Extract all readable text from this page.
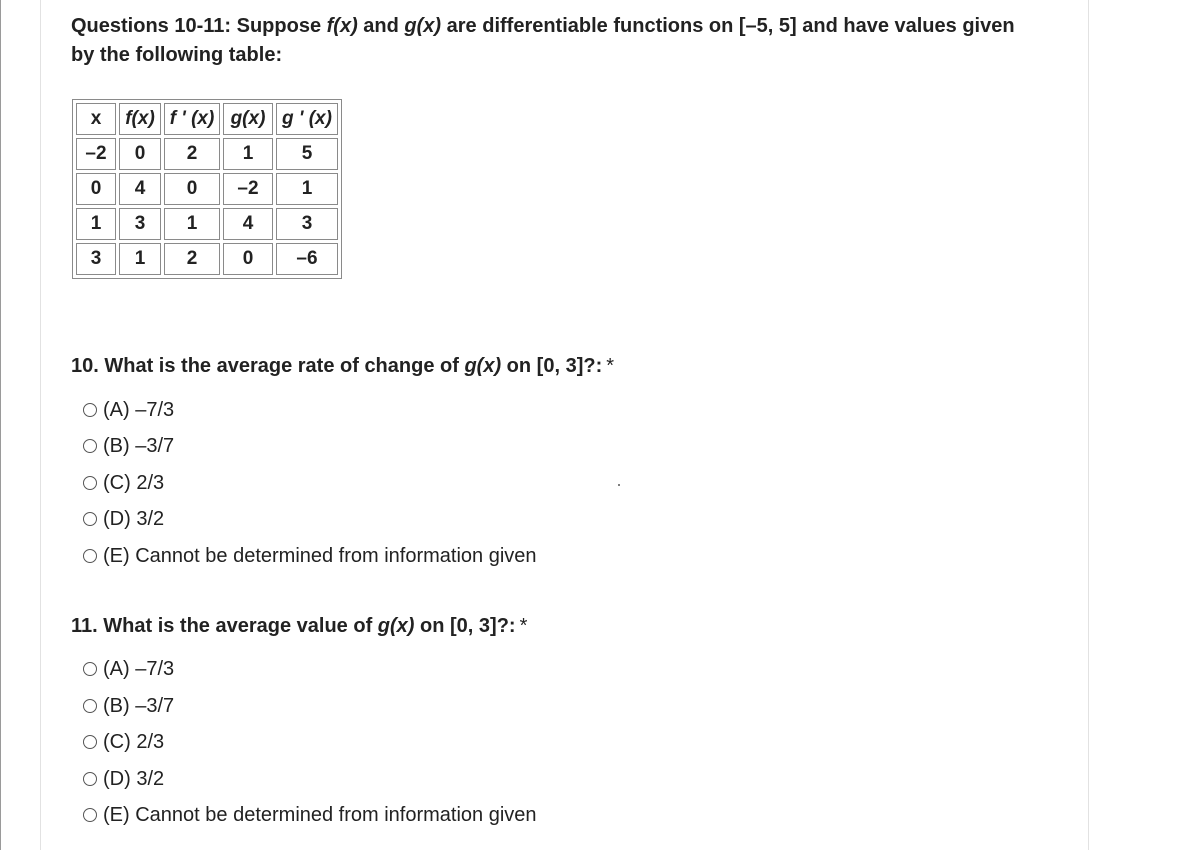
Questions 10-11: Suppose f(x) and g(x) are differentiable functions on [–5, 5] and have values given by the following table:
x	f(x)	f ' (x)	g(x)	g ' (x)
–2	0	2	1	5
0	4	0	–2	1
1	3	1	4	3
3	1	2	0	–6
10. What is the average rate of change of g(x) on [0, 3]?: *
(A) –7/3
(B) –3/7
(C) 2/3
(D) 3/2
(E) Cannot be determined from information given
11. What is the average value of g(x) on [0, 3]?: *
(A) –7/3
(B) –3/7
(C) 2/3
(D) 3/2
(E) Cannot be determined from information given
